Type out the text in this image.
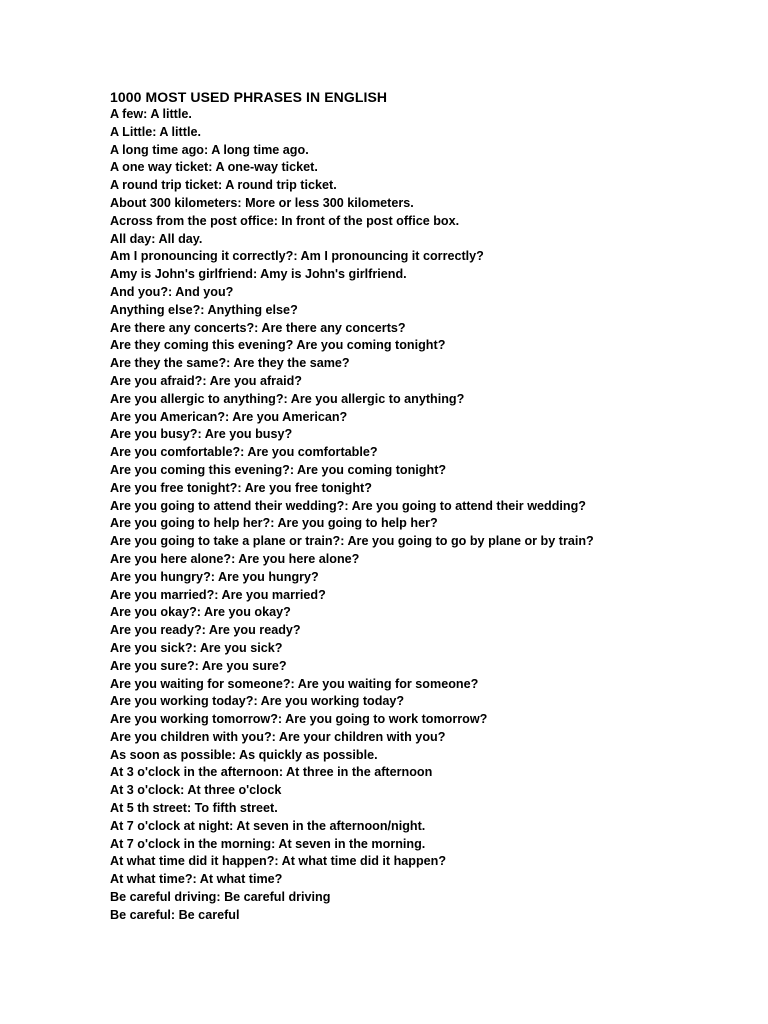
1000 MOST USED PHRASES IN ENGLISH
A few: A little.
A Little: A little.
A long time ago: A long time ago.
A one way ticket: A one-way ticket.
A round trip ticket: A round trip ticket.
About 300 kilometers: More or less 300 kilometers.
Across from the post office: In front of the post office box.
All day: All day.
Am I pronouncing it correctly?: Am I pronouncing it correctly?
Amy is John's girlfriend: Amy is John's girlfriend.
And you?: And you?
Anything else?: Anything else?
Are there any concerts?: Are there any concerts?
Are they coming this evening? Are you coming tonight?
Are they the same?: Are they the same?
Are you afraid?: Are you afraid?
Are you allergic to anything?: Are you allergic to anything?
Are you American?: Are you American?
Are you busy?: Are you busy?
Are you comfortable?: Are you comfortable?
Are you coming this evening?: Are you coming tonight?
Are you free tonight?: Are you free tonight?
Are you going to attend their wedding?: Are you going to attend their wedding?
Are you going to help her?: Are you going to help her?
Are you going to take a plane or train?: Are you going to go by plane or by train?
Are you here alone?: Are you here alone?
Are you hungry?: Are you hungry?
Are you married?: Are you married?
Are you okay?: Are you okay?
Are you ready?: Are you ready?
Are you sick?: Are you sick?
Are you sure?: Are you sure?
Are you waiting for someone?: Are you waiting for someone?
Are you working today?: Are you working today?
Are you working tomorrow?: Are you going to work tomorrow?
Are you children with you?: Are your children with you?
As soon as possible: As quickly as possible.
At 3 o'clock in the afternoon: At three in the afternoon
At 3 o'clock: At three o'clock
At 5 th street: To fifth street.
At 7 o'clock at night: At seven in the afternoon/night.
At 7 o'clock in the morning: At seven in the morning.
At what time did it happen?: At what time did it happen?
At what time?: At what time?
Be careful driving: Be careful driving
Be careful: Be careful
